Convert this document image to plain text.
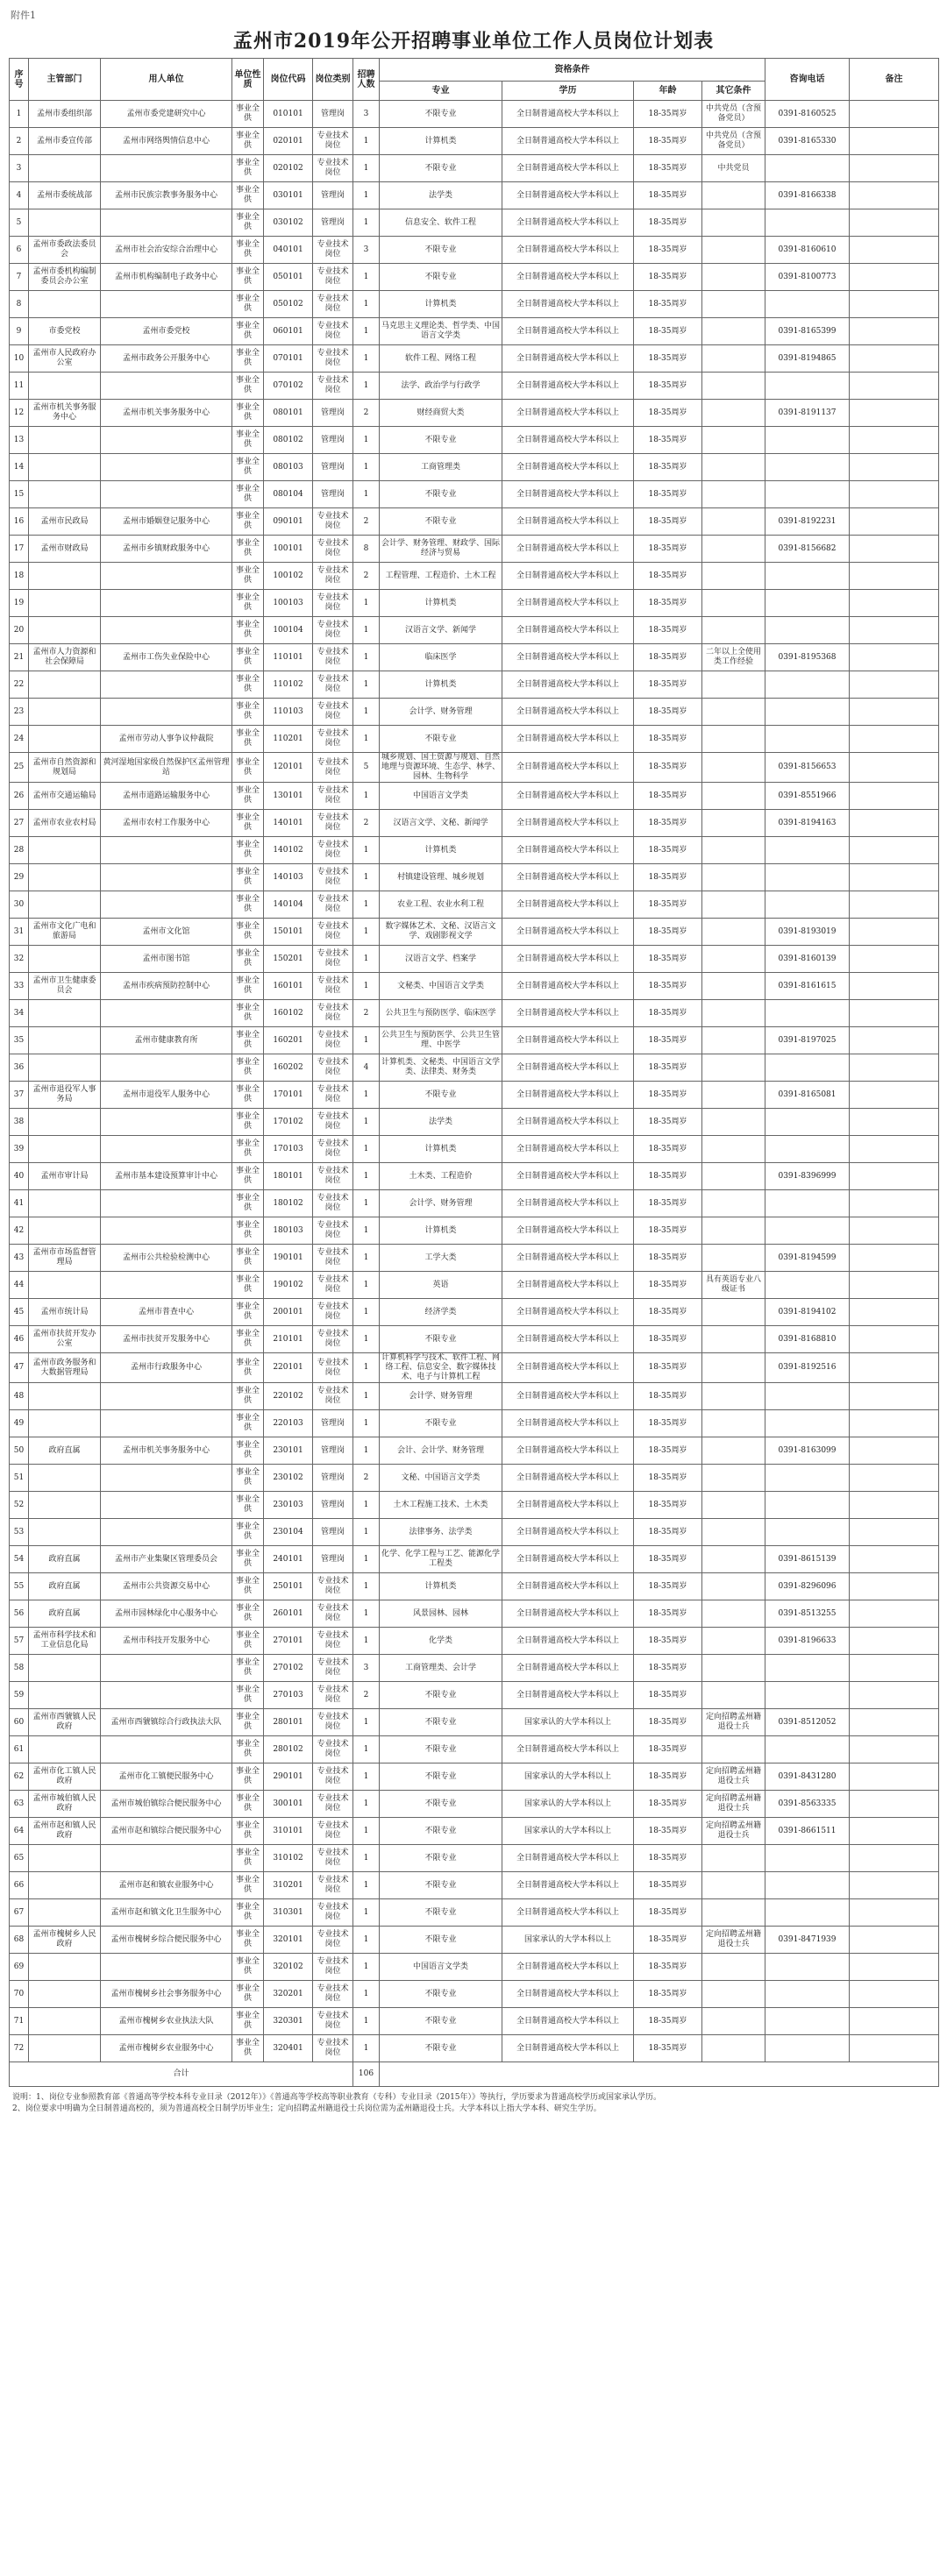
附件1
孟州市2019年公开招聘事业单位工作人员岗位计划表
序号	主管部门	用人单位	单位性质	岗位代码	岗位类别	招聘人数	资格条件				咨询电话	备注
							专业	学历	年龄	其它条件		
1	孟州市委组织部	孟州市委党建研究中心	事业全供	010101	管理岗	3	不限专业	全日制普通高校大学本科以上	18-35周岁	中共党员（含预备党员）	0391-8160525	
2	孟州市委宣传部	孟州市网络舆情信息中心	事业全供	020101	专业技术岗位	1	计算机类	全日制普通高校大学本科以上	18-35周岁	中共党员（含预备党员）	0391-8165330	
3			事业全供	020102	专业技术岗位	1	不限专业	全日制普通高校大学本科以上	18-35周岁	中共党员		
4	孟州市委统战部	孟州市民族宗教事务服务中心	事业全供	030101	管理岗	1	法学类	全日制普通高校大学本科以上	18-35周岁		0391-8166338	
5			事业全供	030102	管理岗	1	信息安全、软件工程	全日制普通高校大学本科以上	18-35周岁			
6	孟州市委政法委员会	孟州市社会治安综合治理中心	事业全供	040101	专业技术岗位	3	不限专业	全日制普通高校大学本科以上	18-35周岁		0391-8160610	
7	孟州市委机构编制委员会办公室	孟州市机构编制电子政务中心	事业全供	050101	专业技术岗位	1	不限专业	全日制普通高校大学本科以上	18-35周岁		0391-8100773	
8			事业全供	050102	专业技术岗位	1	计算机类	全日制普通高校大学本科以上	18-35周岁			
9	市委党校	孟州市委党校	事业全供	060101	专业技术岗位	1	马克思主义理论类、哲学类、中国语言文学类	全日制普通高校大学本科以上	18-35周岁		0391-8165399	
10	孟州市人民政府办公室	孟州市政务公开服务中心	事业全供	070101	专业技术岗位	1	软件工程、网络工程	全日制普通高校大学本科以上	18-35周岁		0391-8194865	
11			事业全供	070102	专业技术岗位	1	法学、政治学与行政学	全日制普通高校大学本科以上	18-35周岁			
12	孟州市机关事务服务中心	孟州市机关事务服务中心	事业全供	080101	管理岗	2	财经商贸大类	全日制普通高校大学本科以上	18-35周岁		0391-8191137	
13			事业全供	080102	管理岗	1	不限专业	全日制普通高校大学本科以上	18-35周岁			
14			事业全供	080103	管理岗	1	工商管理类	全日制普通高校大学本科以上	18-35周岁			
15			事业全供	080104	管理岗	1	不限专业	全日制普通高校大学本科以上	18-35周岁			
16	孟州市民政局	孟州市婚姻登记服务中心	事业全供	090101	专业技术岗位	2	不限专业	全日制普通高校大学本科以上	18-35周岁		0391-8192231	
17	孟州市财政局	孟州市乡镇财政服务中心	事业全供	100101	专业技术岗位	8	会计学、财务管理、财政学、国际经济与贸易	全日制普通高校大学本科以上	18-35周岁		0391-8156682	
18			事业全供	100102	专业技术岗位	2	工程管理、工程造价、土木工程	全日制普通高校大学本科以上	18-35周岁			
19			事业全供	100103	专业技术岗位	1	计算机类	全日制普通高校大学本科以上	18-35周岁			
20			事业全供	100104	专业技术岗位	1	汉语言文学、新闻学	全日制普通高校大学本科以上	18-35周岁			
21	孟州市人力资源和社会保障局	孟州市工伤失业保险中心	事业全供	110101	专业技术岗位	1	临床医学	全日制普通高校大学本科以上	18-35周岁	二年以上全使用类工作经验	0391-8195368	
22			事业全供	110102	专业技术岗位	1	计算机类	全日制普通高校大学本科以上	18-35周岁			
23			事业全供	110103	专业技术岗位	1	会计学、财务管理	全日制普通高校大学本科以上	18-35周岁			
24		孟州市劳动人事争议仲裁院	事业全供	110201	专业技术岗位	1	不限专业	全日制普通高校大学本科以上	18-35周岁			
25	孟州市自然资源和规划局	黄河湿地国家级自然保护区孟州管理站	事业全供	120101	专业技术岗位	5	城乡规划、国土资源与规划、自然地理与资源环境、生态学、林学、园林、生物科学	全日制普通高校大学本科以上	18-35周岁		0391-8156653	
26	孟州市交通运输局	孟州市道路运输服务中心	事业全供	130101	专业技术岗位	1	中国语言文学类	全日制普通高校大学本科以上	18-35周岁		0391-8551966	
27	孟州市农业农村局	孟州市农村工作服务中心	事业全供	140101	专业技术岗位	2	汉语言文学、文秘、新闻学	全日制普通高校大学本科以上	18-35周岁		0391-8194163	
28			事业全供	140102	专业技术岗位	1	计算机类	全日制普通高校大学本科以上	18-35周岁			
29			事业全供	140103	专业技术岗位	1	村镇建设管理、城乡规划	全日制普通高校大学本科以上	18-35周岁			
30			事业全供	140104	专业技术岗位	1	农业工程、农业水利工程	全日制普通高校大学本科以上	18-35周岁			
31	孟州市文化广电和旅游局	孟州市文化馆	事业全供	150101	专业技术岗位	1	数字媒体艺术、文秘、汉语言文学、戏剧影视文学	全日制普通高校大学本科以上	18-35周岁		0391-8193019	
32		孟州市图书馆	事业全供	150201	专业技术岗位	1	汉语言文学、档案学	全日制普通高校大学本科以上	18-35周岁		0391-8160139	
33	孟州市卫生健康委员会	孟州市疾病预防控制中心	事业全供	160101	专业技术岗位	1	文秘类、中国语言文学类	全日制普通高校大学本科以上	18-35周岁		0391-8161615	
34			事业全供	160102	专业技术岗位	2	公共卫生与预防医学、临床医学	全日制普通高校大学本科以上	18-35周岁			
35		孟州市健康教育所	事业全供	160201	专业技术岗位	1	公共卫生与预防医学、公共卫生管理、中医学	全日制普通高校大学本科以上	18-35周岁		0391-8197025	
36			事业全供	160202	专业技术岗位	4	计算机类、文秘类、中国语言文学类、法律类、财务类	全日制普通高校大学本科以上	18-35周岁			
37	孟州市退役军人事务局	孟州市退役军人服务中心	事业全供	170101	专业技术岗位	1	不限专业	全日制普通高校大学本科以上	18-35周岁		0391-8165081	
38			事业全供	170102	专业技术岗位	1	法学类	全日制普通高校大学本科以上	18-35周岁			
39			事业全供	170103	专业技术岗位	1	计算机类	全日制普通高校大学本科以上	18-35周岁			
40	孟州市审计局	孟州市基本建设预算审计中心	事业全供	180101	专业技术岗位	1	土木类、工程造价	全日制普通高校大学本科以上	18-35周岁		0391-8396999	
41			事业全供	180102	专业技术岗位	1	会计学、财务管理	全日制普通高校大学本科以上	18-35周岁			
42			事业全供	180103	专业技术岗位	1	计算机类	全日制普通高校大学本科以上	18-35周岁			
43	孟州市市场监督管理局	孟州市公共检验检测中心	事业全供	190101	专业技术岗位	1	工学大类	全日制普通高校大学本科以上	18-35周岁		0391-8194599	
44			事业全供	190102	专业技术岗位	1	英语	全日制普通高校大学本科以上	18-35周岁	具有英语专业八级证书		
45	孟州市统计局	孟州市普查中心	事业全供	200101	专业技术岗位	1	经济学类	全日制普通高校大学本科以上	18-35周岁		0391-8194102	
46	孟州市扶贫开发办公室	孟州市扶贫开发服务中心	事业全供	210101	专业技术岗位	1	不限专业	全日制普通高校大学本科以上	18-35周岁		0391-8168810	
47	孟州市政务服务和大数据管理局	孟州市行政服务中心	事业全供	220101	专业技术岗位	1	计算机科学与技术、软件工程、网络工程、信息安全、数字媒体技术、电子与计算机工程	全日制普通高校大学本科以上	18-35周岁		0391-8192516	
48			事业全供	220102	专业技术岗位	1	会计学、财务管理	全日制普通高校大学本科以上	18-35周岁			
49			事业全供	220103	管理岗	1	不限专业	全日制普通高校大学本科以上	18-35周岁			
50	政府直属	孟州市机关事务服务中心	事业全供	230101	管理岗	1	会计、会计学、财务管理	全日制普通高校大学本科以上	18-35周岁		0391-8163099	
51			事业全供	230102	管理岗	2	文秘、中国语言文学类	全日制普通高校大学本科以上	18-35周岁			
52			事业全供	230103	管理岗	1	土木工程施工技术、土木类	全日制普通高校大学本科以上	18-35周岁			
53			事业全供	230104	管理岗	1	法律事务、法学类	全日制普通高校大学本科以上	18-35周岁			
54	政府直属	孟州市产业集聚区管理委员会	事业全供	240101	管理岗	1	化学、化学工程与工艺、能源化学工程类	全日制普通高校大学本科以上	18-35周岁		0391-8615139	
55	政府直属	孟州市公共资源交易中心	事业全供	250101	专业技术岗位	1	计算机类	全日制普通高校大学本科以上	18-35周岁		0391-8296096	
56	政府直属	孟州市园林绿化中心服务中心	事业全供	260101	专业技术岗位	1	风景园林、园林	全日制普通高校大学本科以上	18-35周岁		0391-8513255	
57	孟州市科学技术和工业信息化局	孟州市科技开发服务中心	事业全供	270101	专业技术岗位	1	化学类	全日制普通高校大学本科以上	18-35周岁		0391-8196633	
58			事业全供	270102	专业技术岗位	3	工商管理类、会计学	全日制普通高校大学本科以上	18-35周岁			
59			事业全供	270103	专业技术岗位	2	不限专业	全日制普通高校大学本科以上	18-35周岁			
60	孟州市西虢镇人民政府	孟州市西虢镇综合行政执法大队	事业全供	280101	专业技术岗位	1	不限专业	国家承认的大学本科以上	18-35周岁	定向招聘孟州籍退役士兵	0391-8512052	
61			事业全供	280102	专业技术岗位	1	不限专业	全日制普通高校大学本科以上	18-35周岁			
62	孟州市化工镇人民政府	孟州市化工镇便民服务中心	事业全供	290101	专业技术岗位	1	不限专业	国家承认的大学本科以上	18-35周岁	定向招聘孟州籍退役士兵	0391-8431280	
63	孟州市城伯镇人民政府	孟州市城伯镇综合便民服务中心	事业全供	300101	专业技术岗位	1	不限专业	国家承认的大学本科以上	18-35周岁	定向招聘孟州籍退役士兵	0391-8563335	
64	孟州市赵和镇人民政府	孟州市赵和镇综合便民服务中心	事业全供	310101	专业技术岗位	1	不限专业	国家承认的大学本科以上	18-35周岁	定向招聘孟州籍退役士兵	0391-8661511	
65			事业全供	310102	专业技术岗位	1	不限专业	全日制普通高校大学本科以上	18-35周岁			
66		孟州市赵和镇农业服务中心	事业全供	310201	专业技术岗位	1	不限专业	全日制普通高校大学本科以上	18-35周岁			
67		孟州市赵和镇文化卫生服务中心	事业全供	310301	专业技术岗位	1	不限专业	全日制普通高校大学本科以上	18-35周岁			
68	孟州市槐树乡人民政府	孟州市槐树乡综合便民服务中心	事业全供	320101	专业技术岗位	1	不限专业	国家承认的大学本科以上	18-35周岁	定向招聘孟州籍退役士兵	0391-8471939	
69			事业全供	320102	专业技术岗位	1	中国语言文学类	全日制普通高校大学本科以上	18-35周岁			
70		孟州市槐树乡社会事务服务中心	事业全供	320201	专业技术岗位	1	不限专业	全日制普通高校大学本科以上	18-35周岁			
71		孟州市槐树乡农业执法大队	事业全供	320301	专业技术岗位	1	不限专业	全日制普通高校大学本科以上	18-35周岁			
72		孟州市槐树乡农业服务中心	事业全供	320401	专业技术岗位	1	不限专业	全日制普通高校大学本科以上	18-35周岁			
合计						106						

说明：1、岗位专业参照教育部《普通高等学校本科专业目录（2012年）》《普通高等学校高等职业教育（专科）专业目录（2015年）》等执行，学历要求为普通高校学历或国家承认学历。

2、岗位要求中明确为全日制普通高校的，须为普通高校全日制学历毕业生；定向招聘孟州籍退役士兵岗位需为孟州籍退役士兵。大学本科以上指大学本科、研究生学历。
